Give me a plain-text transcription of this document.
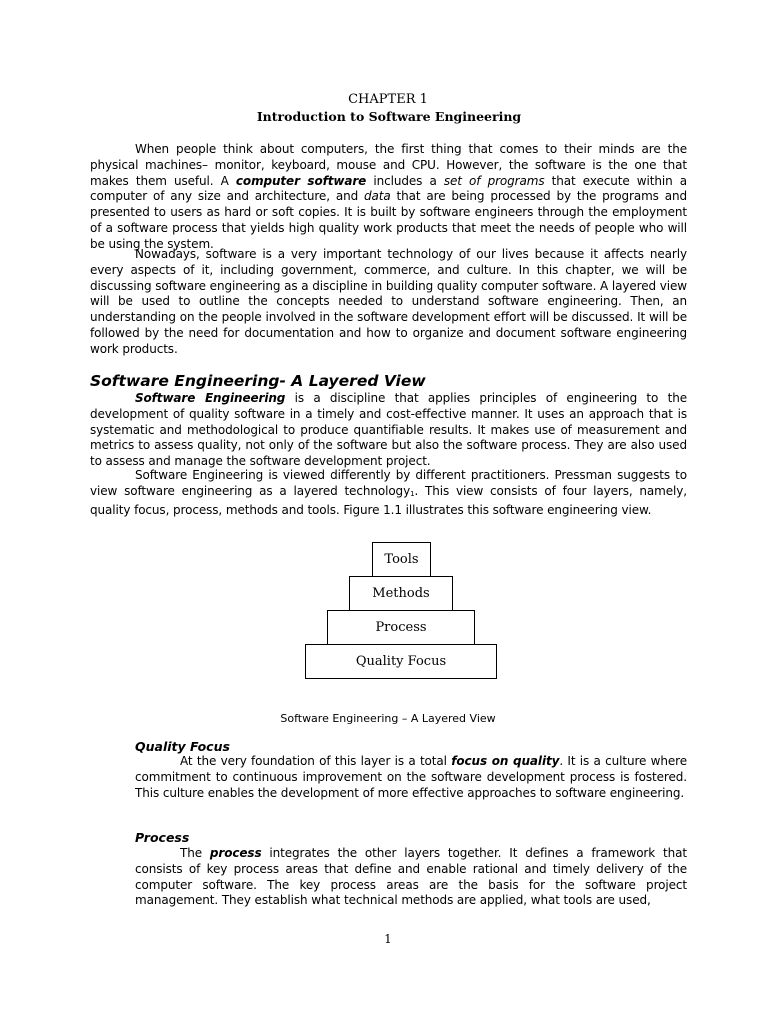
CHAPTER 1
Introduction to Software Engineering

When people think about computers, the first thing that comes to their minds are the physical machines– monitor, keyboard, mouse and CPU. However, the software is the one that makes them useful. A computer software includes a set of programs that execute within a computer of any size and architecture, and data that are being processed by the programs and presented to users as hard or soft copies. It is built by software engineers through the employment of a software process that yields high quality work products that meet the needs of people who will be using the system.

Nowadays, software is a very important technology of our lives because it affects nearly every aspects of it, including government, commerce, and culture. In this chapter, we will be discussing software engineering as a discipline in building quality computer software. A layered view will be used to outline the concepts needed to understand software engineering. Then, an understanding on the people involved in the software development effort will be discussed. It will be followed by the need for documentation and how to organize and document software engineering work products.

Software Engineering- A Layered View

Software Engineering is a discipline that applies principles of engineering to the development of quality software in a timely and cost-effective manner. It uses an approach that is systematic and methodological to produce quantifiable results. It makes use of measurement and metrics to assess quality, not only of the software but also the software process. They are also used to assess and manage the software development project.

Software Engineering is viewed differently by different practitioners. Pressman suggests to view software engineering as a layered technology1. This view consists of four layers, namely, quality focus, process, methods and tools. Figure 1.1 illustrates this software engineering view.

Tools
Methods
Process
Quality Focus
Software Engineering – A Layered View
Quality Focus

At the very foundation of this layer is a total focus on quality. It is a culture where commitment to continuous improvement on the software development process is fostered. This culture enables the development of more effective approaches to software engineering.

Process

The process integrates the other layers together. It defines a framework that consists of key process areas that define and enable rational and timely delivery of the computer software. The key process areas are the basis for the software project management. They establish what technical methods are applied, what tools are used,

1
